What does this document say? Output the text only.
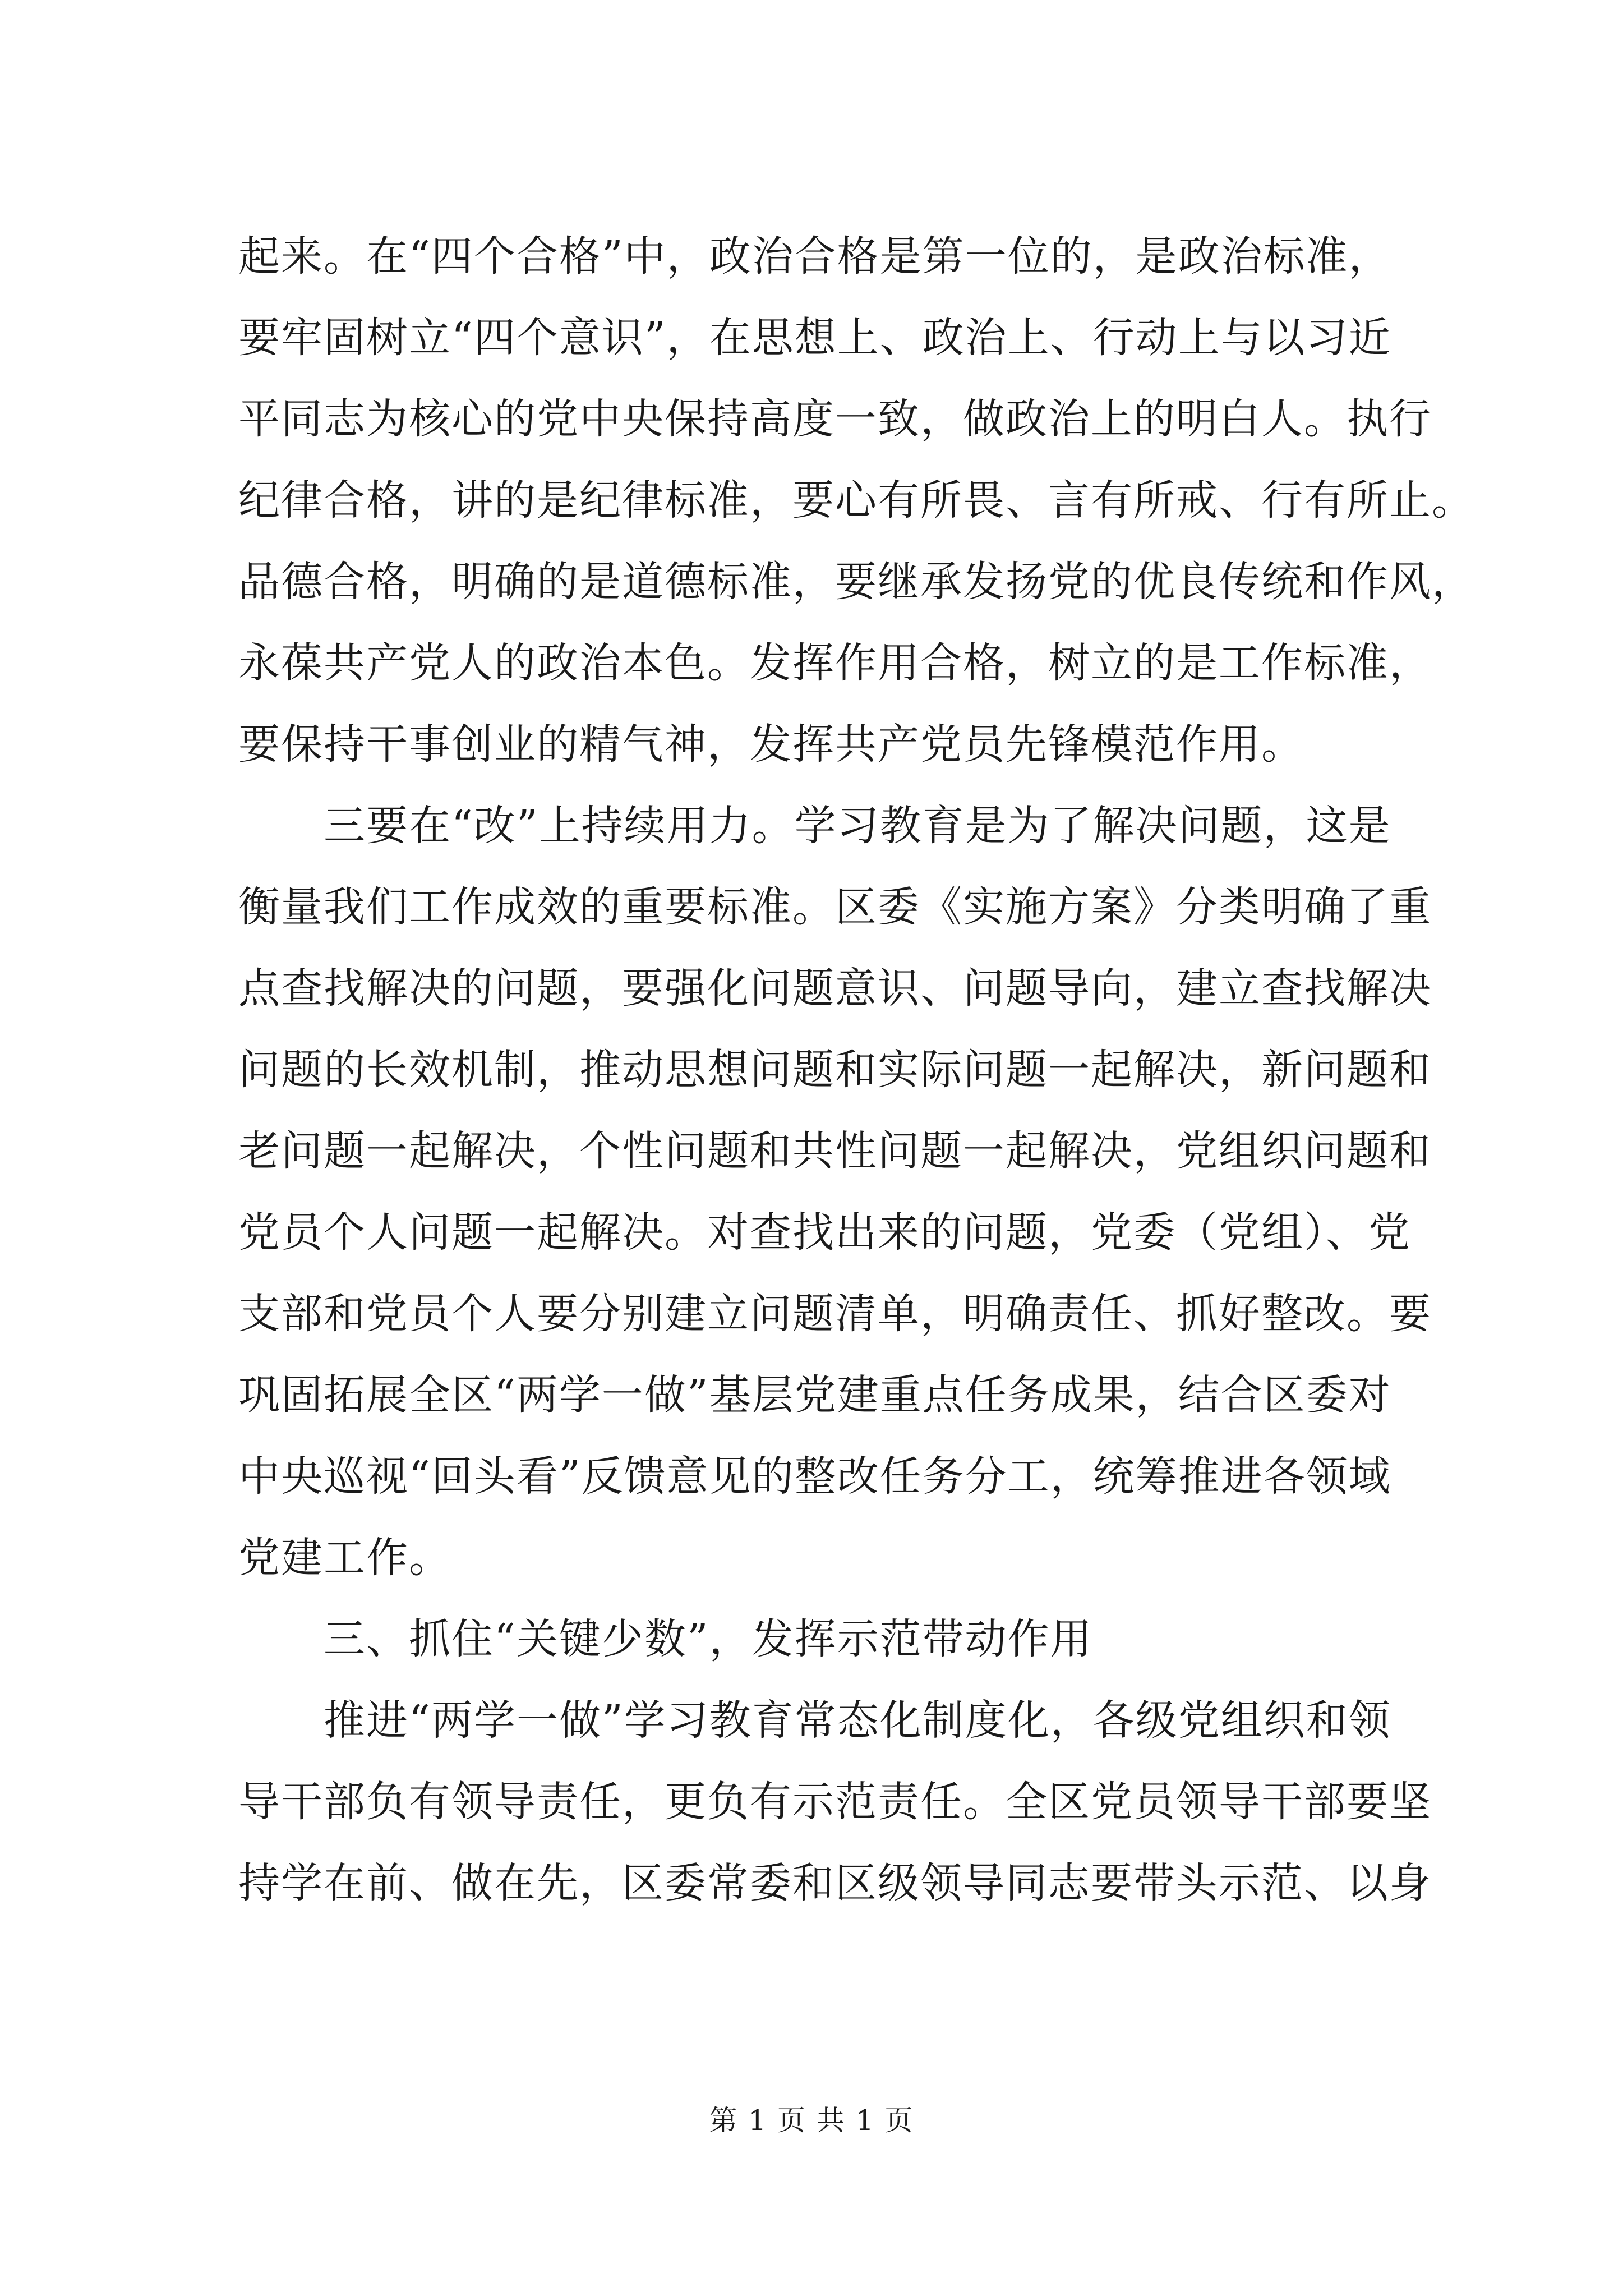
起来。在“四个合格”中，政治合格是第一位的，是政治标准，
要牢固树立“四个意识”，在思想上、政治上、行动上与以习近
平同志为核心的党中央保持高度一致，做政治上的明白人。执行
纪律合格，讲的是纪律标准，要心有所畏、言有所戒、行有所止。
品德合格，明确的是道德标准，要继承发扬党的优良传统和作风，
永葆共产党人的政治本色。发挥作用合格，树立的是工作标准，
要保持干事创业的精气神，发挥共产党员先锋模范作用。
　　三要在“改”上持续用力。学习教育是为了解决问题，这是
衡量我们工作成效的重要标准。区委《实施方案》分类明确了重
点查找解决的问题，要强化问题意识、问题导向，建立查找解决
问题的长效机制，推动思想问题和实际问题一起解决，新问题和
老问题一起解决，个性问题和共性问题一起解决，党组织问题和
党员个人问题一起解决。对查找出来的问题，党委（党组）、党
支部和党员个人要分别建立问题清单，明确责任、抓好整改。要
巩固拓展全区“两学一做”基层党建重点任务成果，结合区委对
中央巡视“回头看”反馈意见的整改任务分工，统筹推进各领域
党建工作。
　　三、抓住“关键少数”，发挥示范带动作用
　　推进“两学一做”学习教育常态化制度化，各级党组织和领
导干部负有领导责任，更负有示范责任。全区党员领导干部要坚
持学在前、做在先，区委常委和区级领导同志要带头示范、以身
第 1 页 共 1 页
